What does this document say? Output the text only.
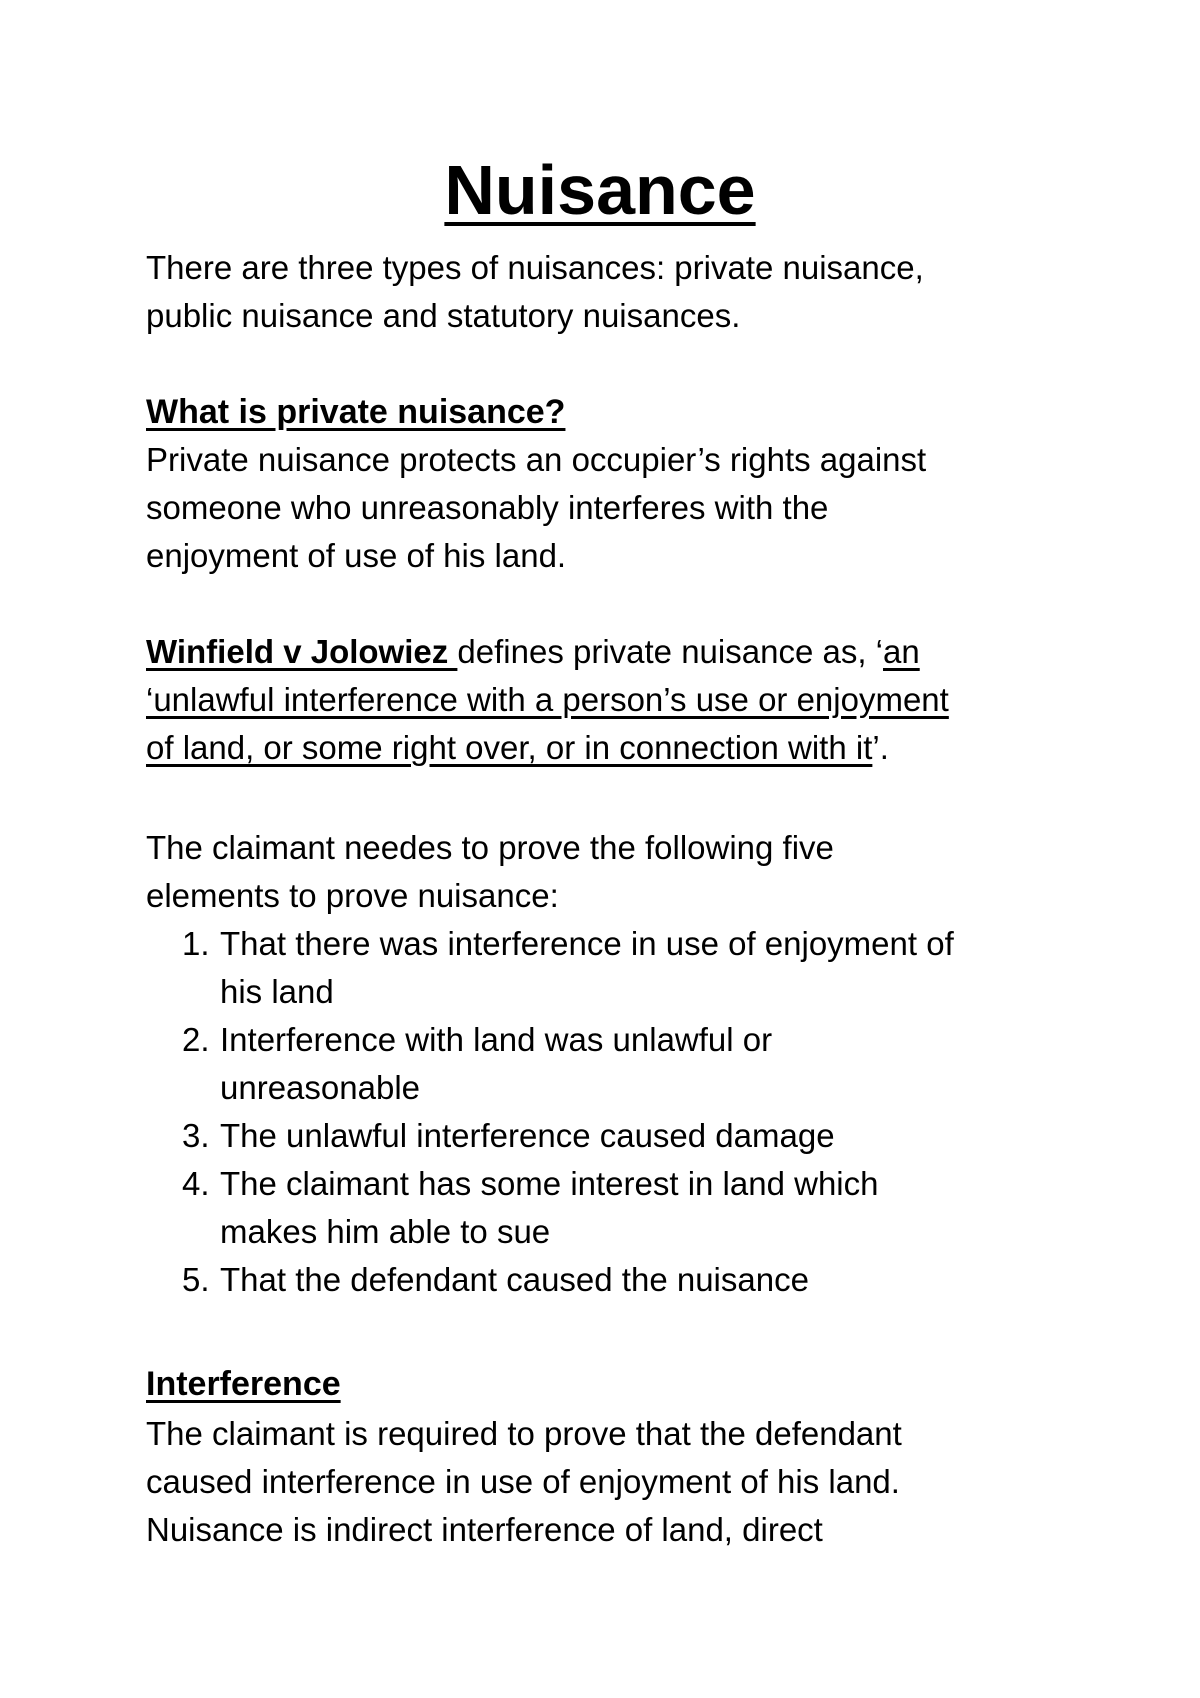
Nuisance

There are three types of nuisances: private nuisance,
public nuisance and statutory nuisances.

What is private nuisance?

Private nuisance protects an occupier’s rights against
someone who unreasonably interferes with the
enjoyment of use of his land.

Winfield v Jolowiez defines private nuisance as, ‘an
‘unlawful interference with a person’s use or enjoyment
of land, or some right over, or in connection with it’.

The claimant needes to prove the following five
elements to prove nuisance:

1. That there was interference in use of enjoyment of
his land
2. Interference with land was unlawful or
unreasonable
3. The unlawful interference caused damage
4. The claimant has some interest in land which
makes him able to sue
5. That the defendant caused the nuisance
Interference

The claimant is required to prove that the defendant
caused interference in use of enjoyment of his land.
Nuisance is indirect interference of land, direct
